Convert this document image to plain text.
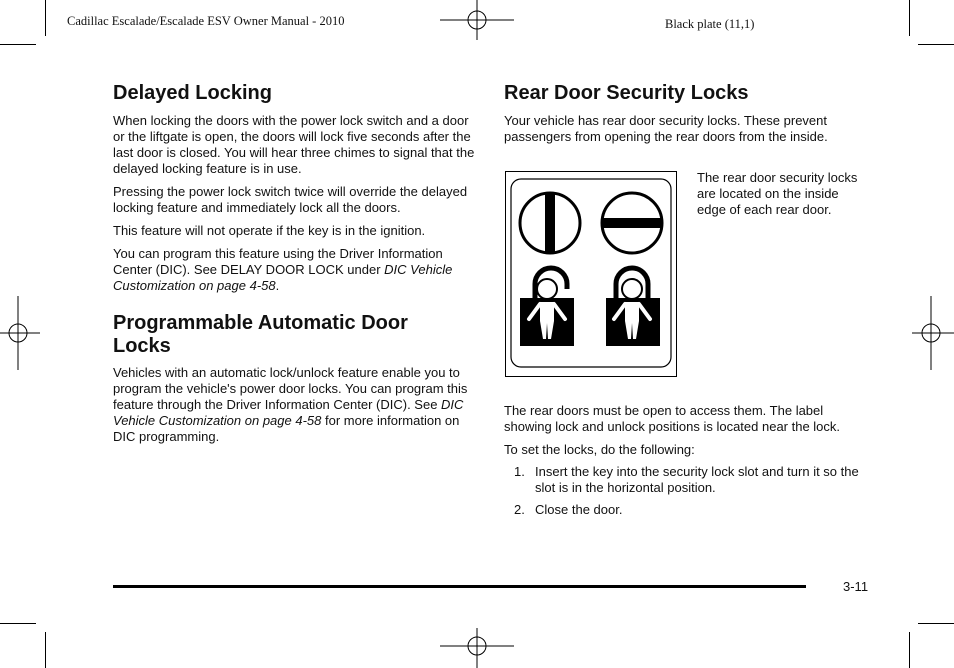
Cadillac Escalade/Escalade ESV Owner Manual - 2010	Black plate (11,1)
Delayed Locking

When locking the doors with the power lock switch and a door or the liftgate is open, the doors will lock five seconds after the last door is closed. You will hear three chimes to signal that the delayed locking feature is in use.

Pressing the power lock switch twice will override the delayed locking feature and immediately lock all the doors.

This feature will not operate if the key is in the ignition.

You can program this feature using the Driver Information Center (DIC). See DELAY DOOR LOCK under DIC Vehicle Customization on page 4-58.

Programmable Automatic Door
Locks

Vehicles with an automatic lock/unlock feature enable you to program the vehicle's power door locks. You can program this feature through the Driver Information Center (DIC). See DIC Vehicle Customization on page 4-58 for more information on DIC programming.

Rear Door Security Locks

Your vehicle has rear door security locks. These prevent passengers from opening the rear doors from the inside.

The rear door security locks are located on the inside edge of each rear door.

The rear doors must be open to access them. The label showing lock and unlock positions is located near the lock.

To set the locks, do the following:

1. Insert the key into the security lock slot and turn it so the slot is in the horizontal position.
2. Close the door.
3-11
